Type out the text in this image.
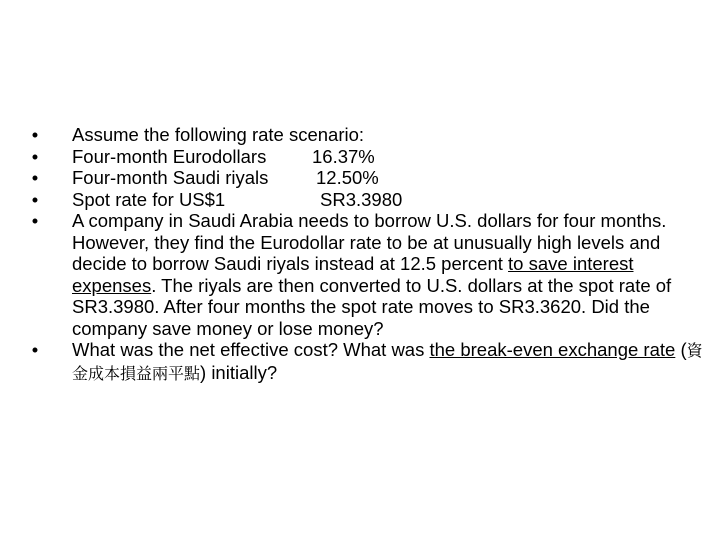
• Assume the following rate scenario:
• Four-month Eurodollars 16.37%
• Four-month Saudi riyals	12.50%
• Spot rate for US$1	SR3.3980
• A company in Saudi Arabia needs to borrow U.S. dollars for four months. However, they find the Eurodollar rate to be at unusually high levels and decide to borrow Saudi riyals instead at 12.5 percent to save interest expenses. The riyals are then converted to U.S. dollars at the spot rate of SR3.3980. After four months the spot rate moves to SR3.3620. Did the company save money or lose money?
• What was the net effective cost? What was the break-even exchange rate (資金成本損益兩平點) initially?
